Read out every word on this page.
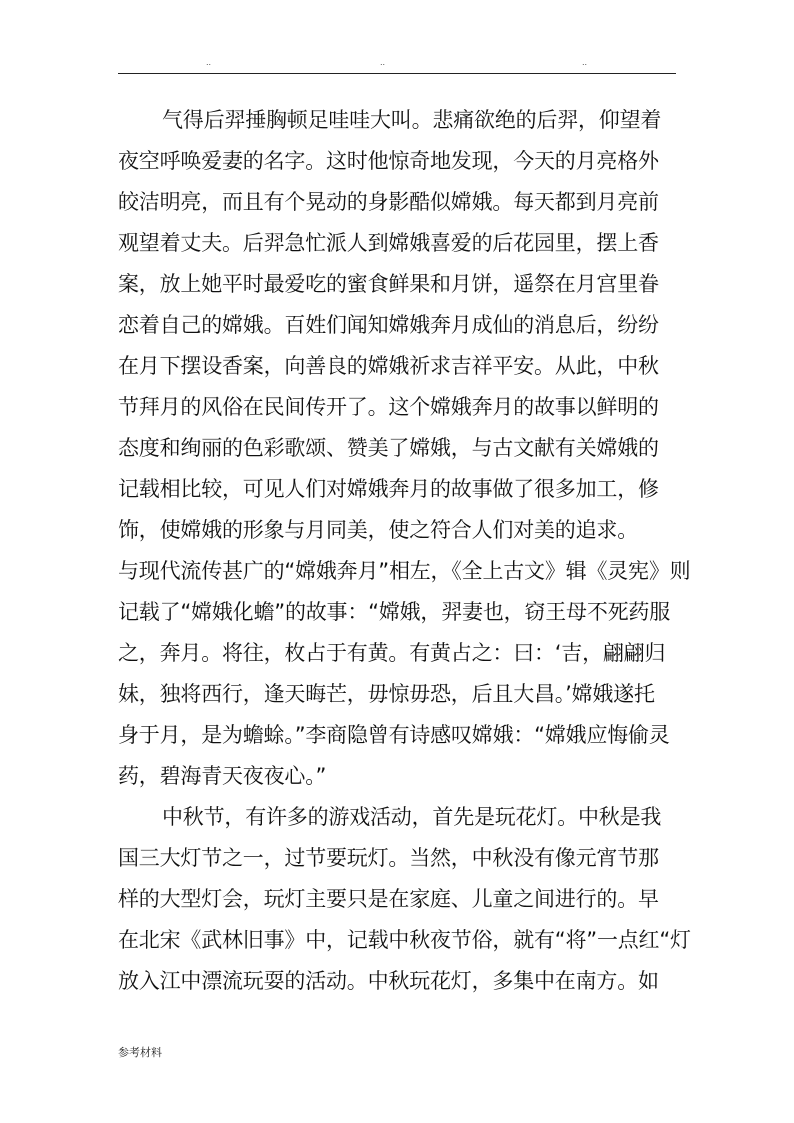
..	..	..
气得后羿捶胸顿足哇哇大叫。悲痛欲绝的后羿，仰望着
夜空呼唤爱妻的名字。这时他惊奇地发现，今天的月亮格外
皎洁明亮，而且有个晃动的身影酷似嫦娥。每天都到月亮前
观望着丈夫。后羿急忙派人到嫦娥喜爱的后花园里，摆上香
案，放上她平时最爱吃的蜜食鲜果和月饼，遥祭在月宫里眷
恋着自己的嫦娥。百姓们闻知嫦娥奔月成仙的消息后，纷纷
在月下摆设香案，向善良的嫦娥祈求吉祥平安。从此，中秋
节拜月的风俗在民间传开了。这个嫦娥奔月的故事以鲜明的
态度和绚丽的色彩歌颂、赞美了嫦娥，与古文献有关嫦娥的
记载相比较，可见人们对嫦娥奔月的故事做了很多加工，修
饰，使嫦娥的形象与月同美，使之符合人们对美的追求。
与现代流传甚广的“嫦娥奔月”相左，《全上古文》辑《灵宪》则
记载了“嫦娥化蟾”的故事：“嫦娥，羿妻也，窃王母不死药服
之，奔月。将往，枚占于有黄。有黄占之：曰：‘吉，翩翩归
妹，独将西行，逢天晦芒，毋惊毋恐，后且大昌。’嫦娥遂托
身于月，是为蟾蜍。”李商隐曾有诗感叹嫦娥：“嫦娥应悔偷灵
药，碧海青天夜夜心。”
中秋节，有许多的游戏活动，首先是玩花灯。中秋是我
国三大灯节之一，过节要玩灯。当然，中秋没有像元宵节那
样的大型灯会，玩灯主要只是在家庭、儿童之间进行的。早
在北宋《武林旧事》中，记载中秋夜节俗，就有“将”一点红“灯
放入江中漂流玩耍的活动。中秋玩花灯，多集中在南方。如
参考材料
